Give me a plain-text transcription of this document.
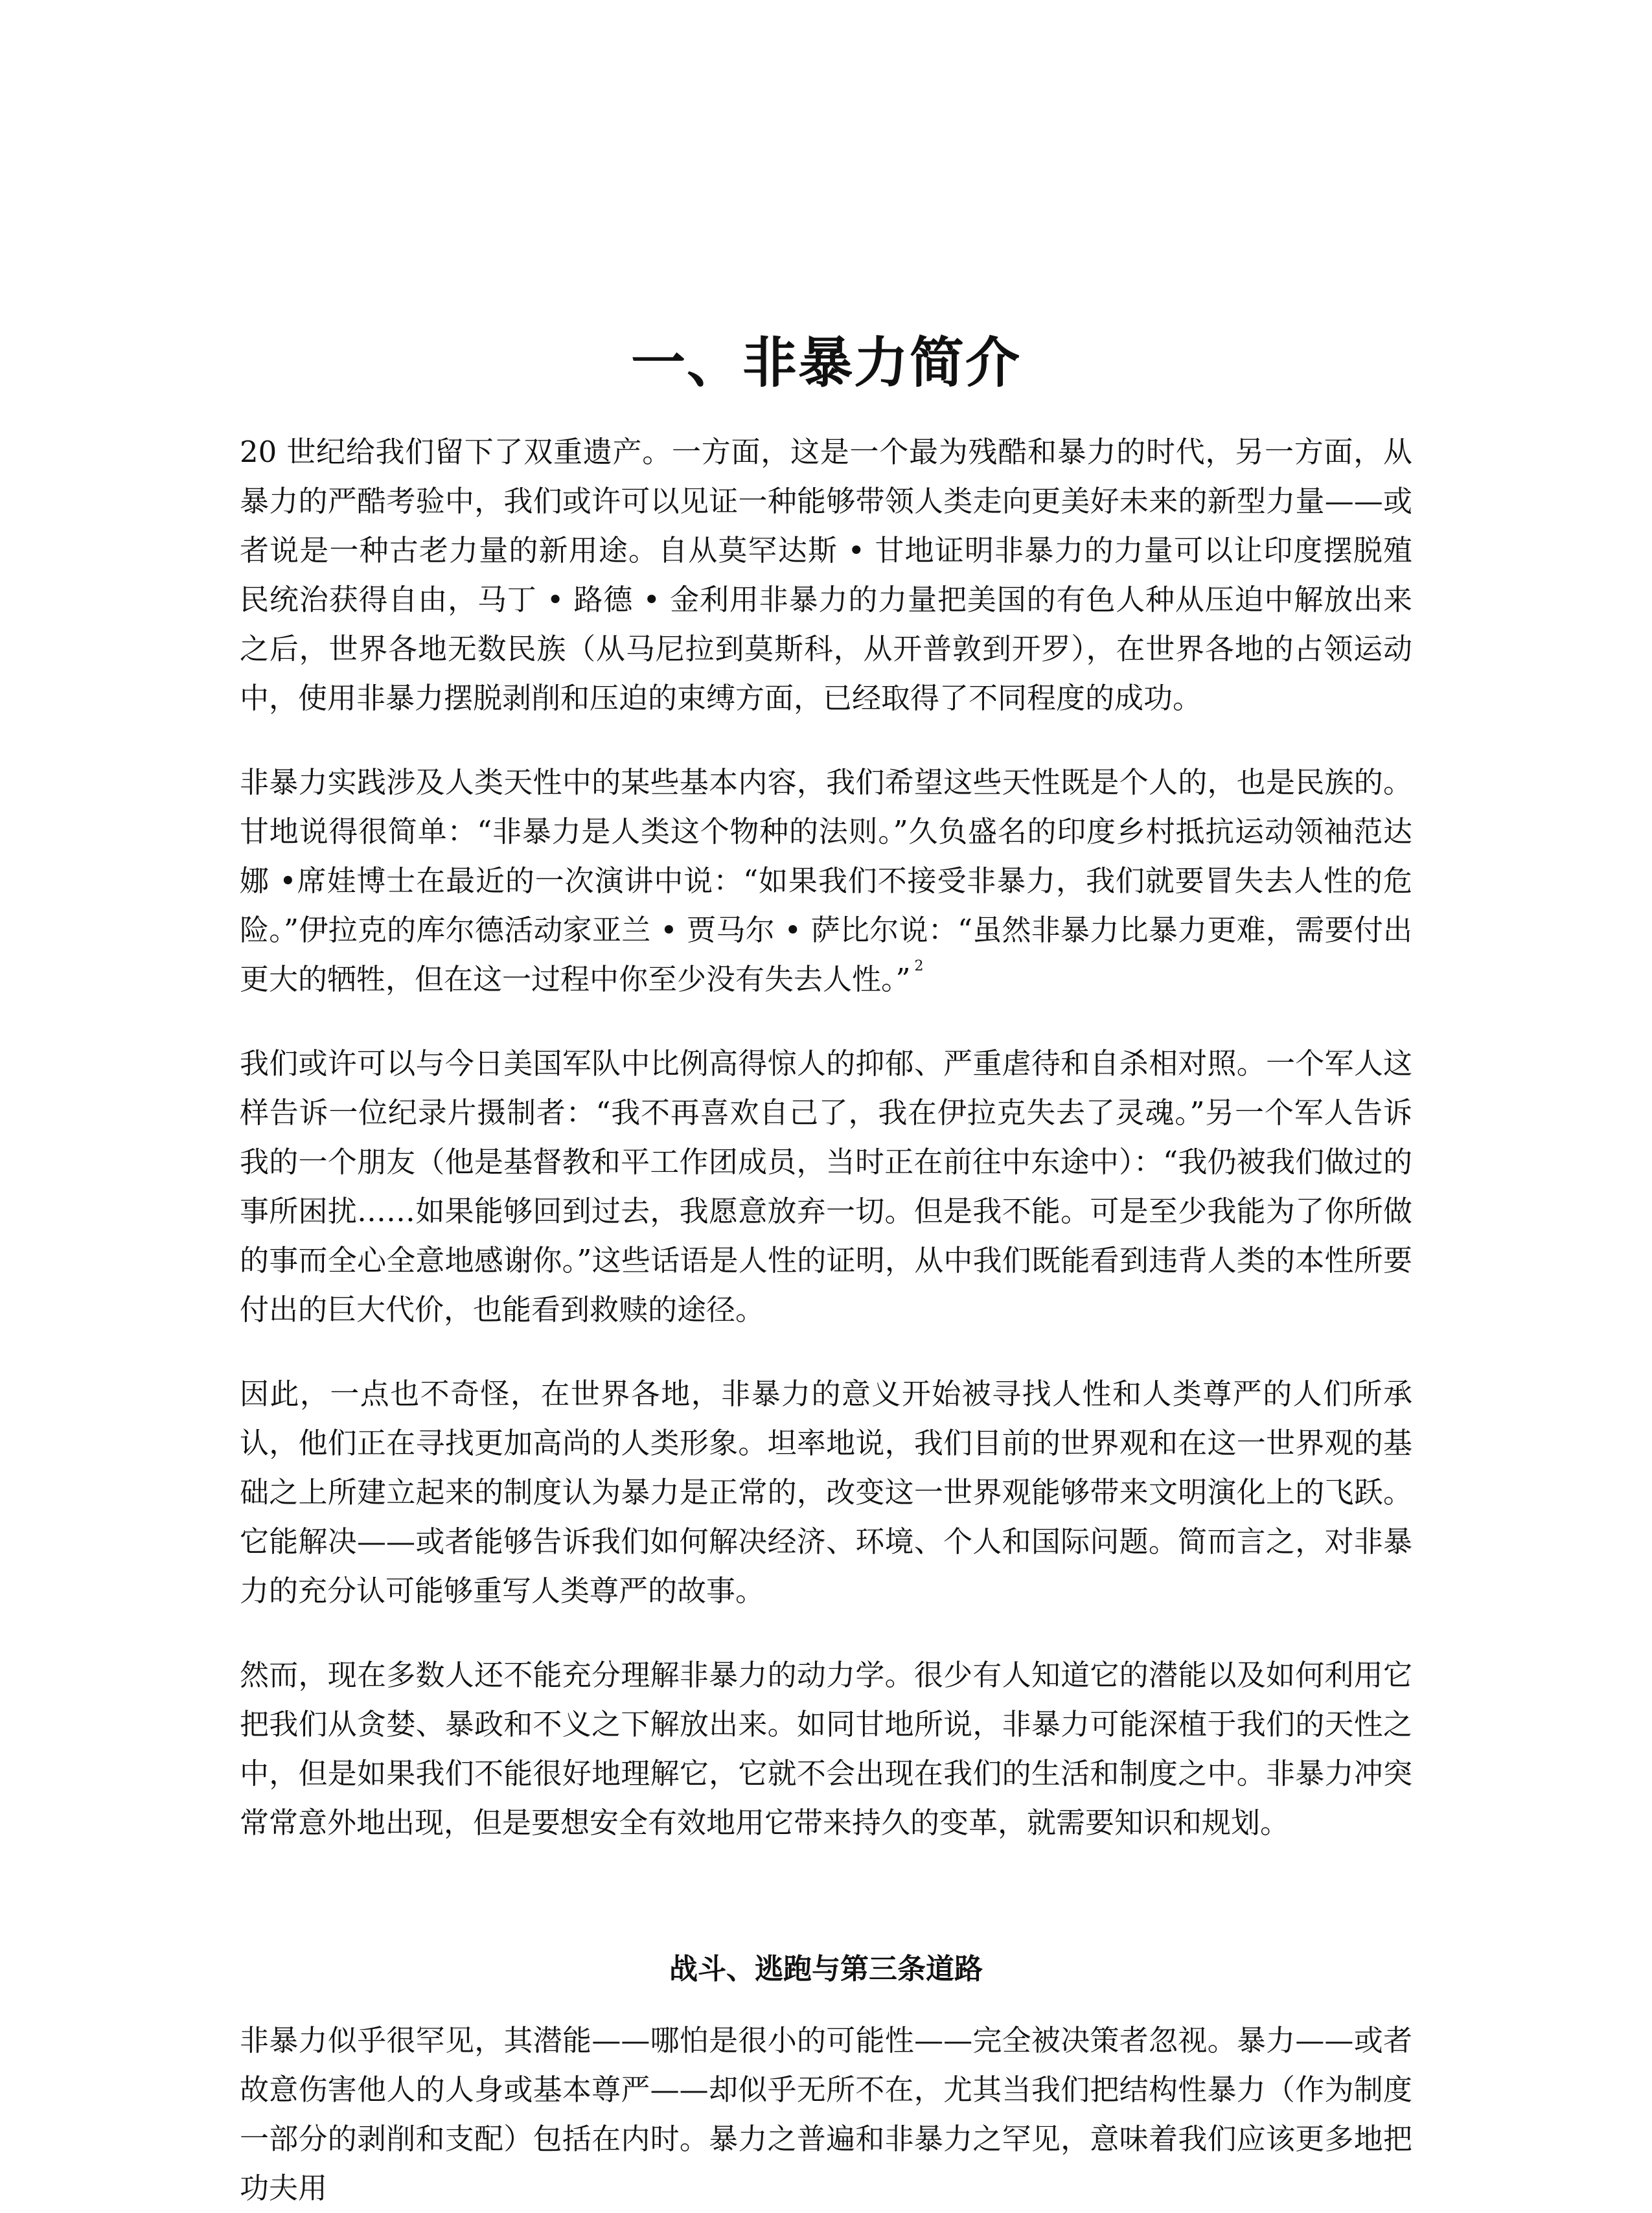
一、非暴力简介

20 世纪给我们留下了双重遗产。一方面，这是一个最为残酷和暴力的时代，另一方面，从暴力的严酷考验中，我们或许可以见证一种能够带领人类走向更美好未来的新型力量——或者说是一种古老力量的新用途。自从莫罕达斯 • 甘地证明非暴力的力量可以让印度摆脱殖民统治获得自由，马丁 • 路德 • 金利用非暴力的力量把美国的有色人种从压迫中解放出来之后，世界各地无数民族（从马尼拉到莫斯科，从开普敦到开罗），在世界各地的占领运动中，使用非暴力摆脱剥削和压迫的束缚方面，已经取得了不同程度的成功。

非暴力实践涉及人类天性中的某些基本内容，我们希望这些天性既是个人的，也是民族的。甘地说得很简单：“非暴力是人类这个物种的法则。”久负盛名的印度乡村抵抗运动领袖范达娜 •席娃博士在最近的一次演讲中说：“如果我们不接受非暴力，我们就要冒失去人性的危险。”伊拉克的库尔德活动家亚兰 • 贾马尔 • 萨比尔说：“虽然非暴力比暴力更难，需要付出更大的牺牲，但在这一过程中你至少没有失去人性。” $^2$

我们或许可以与今日美国军队中比例高得惊人的抑郁、严重虐待和自杀相对照。一个军人这样告诉一位纪录片摄制者：“我不再喜欢自己了，我在伊拉克失去了灵魂。”另一个军人告诉我的一个朋友（他是基督教和平工作团成员，当时正在前往中东途中）：“我仍被我们做过的事所困扰……如果能够回到过去，我愿意放弃一切。但是我不能。可是至少我能为了你所做的事而全心全意地感谢你。”这些话语是人性的证明，从中我们既能看到违背人类的本性所要付出的巨大代价，也能看到救赎的途径。

因此，一点也不奇怪，在世界各地，非暴力的意义开始被寻找人性和人类尊严的人们所承认，他们正在寻找更加高尚的人类形象。坦率地说，我们目前的世界观和在这一世界观的基础之上所建立起来的制度认为暴力是正常的，改变这一世界观能够带来文明演化上的飞跃。它能解决——或者能够告诉我们如何解决经济、环境、个人和国际问题。简而言之，对非暴力的充分认可能够重写人类尊严的故事。

然而，现在多数人还不能充分理解非暴力的动力学。很少有人知道它的潜能以及如何利用它把我们从贪婪、暴政和不义之下解放出来。如同甘地所说，非暴力可能深植于我们的天性之中，但是如果我们不能很好地理解它，它就不会出现在我们的生活和制度之中。非暴力冲突常常意外地出现，但是要想安全有效地用它带来持久的变革，就需要知识和规划。

战斗、逃跑与第三条道路

非暴力似乎很罕见，其潜能——哪怕是很小的可能性——完全被决策者忽视。暴力——或者故意伤害他人的人身或基本尊严——却似乎无所不在，尤其当我们把结构性暴力（作为制度一部分的剥削和支配）包括在内时。暴力之普遍和非暴力之罕见，意味着我们应该更多地把功夫用
